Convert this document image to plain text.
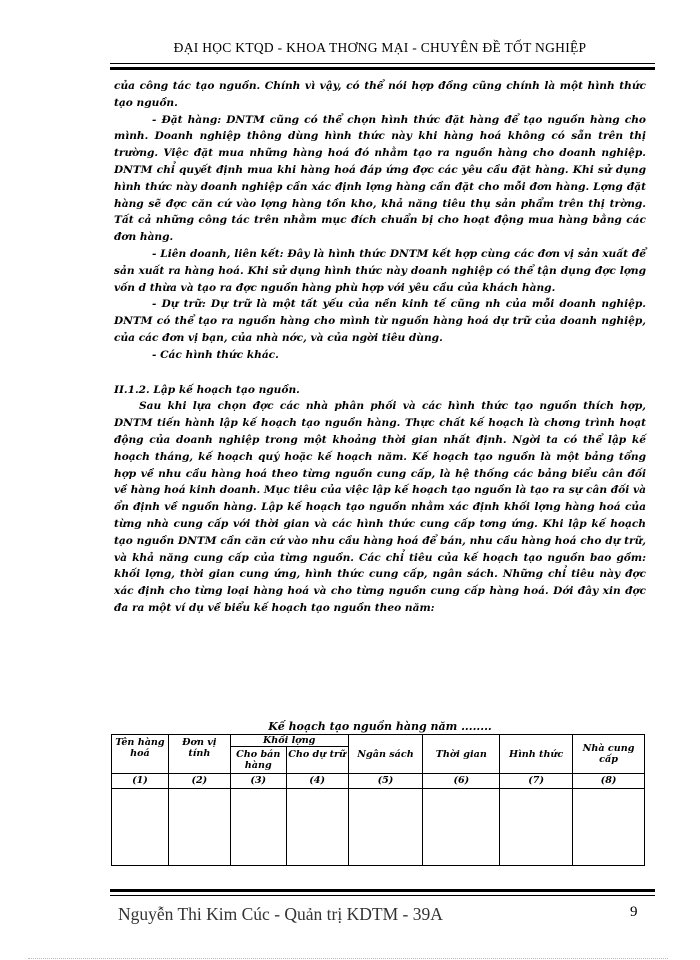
ĐẠI HỌC KTQD - KHOA THƠNG MẠI - CHUYÊN ĐỀ TỐT NGHIỆP

của công tác tạo nguồn. Chính vì vậy, có thể nói hợp đồng cũng chính là một hình thức tạo nguồn.

- Đặt hàng: DNTM cũng có thể chọn hình thức đặt hàng để tạo nguồn hàng cho mình. Doanh nghiệp thông dùng hình thức này khi hàng hoá không có sẵn trên thị trường. Việc đặt mua những hàng hoá đó nhằm tạo ra nguồn hàng cho doanh nghiệp. DNTM chỉ quyết định mua khi hàng hoá đáp ứng đợc các yêu cầu đặt hàng. Khi sử dụng hình thức này doanh nghiệp cần xác định lợng hàng cần đặt cho mỗi đơn hàng. Lợng đặt hàng sẽ đợc căn cứ vào lợng hàng tồn kho, khả năng tiêu thụ sản phẩm trên thị trờng. Tất cả những công tác trên nhằm mục đích chuẩn bị cho hoạt động mua hàng bằng các đơn hàng.

- Liên doanh, liên kết: Đây là hình thức DNTM kết hợp cùng các đơn vị sản xuất để sản xuất ra hàng hoá. Khi sử dụng hình thức này doanh nghiệp có thể tận dụng đợc lợng vốn d thừa và tạo ra đợc nguồn hàng phù hợp với yêu cầu của khách hàng.

- Dự trữ: Dự trữ là một tất yếu của nền kinh tế cũng nh của mỗi doanh nghiệp. DNTM có thể tạo ra nguồn hàng cho mình từ nguồn hàng hoá dự trữ của doanh nghiệp, của các đơn vị bạn, của nhà nớc, và của ngời tiêu dùng.

- Các hình thức khác.

II.1.2. Lập kế hoạch tạo nguồn.

Sau khi lựa chọn đợc các nhà phân phối và các hình thức tạo nguồn thích hợp, DNTM tiến hành lập kế hoạch tạo nguồn hàng. Thực chất kế hoạch là chơng trình hoạt động của doanh nghiệp trong một khoảng thời gian nhất định. Ngời ta có thể lập kế hoạch tháng, kế hoạch quý hoặc kế hoạch năm. Kế hoạch tạo nguồn là một bảng tổng hợp về nhu cầu hàng hoá theo từng nguồn cung cấp, là hệ thống các bảng biểu cân đối về hàng hoá kinh doanh. Mục tiêu của việc lập kế hoạch tạo nguồn là tạo ra sự cân đối và ổn định về nguồn hàng. Lập kế hoạch tạo nguồn nhằm xác định khối lợng hàng hoá của từng nhà cung cấp với thời gian và các hình thức cung cấp tơng ứng. Khi lập kế hoạch tạo nguồn DNTM cần căn cứ vào nhu cầu hàng hoá để bán, nhu cầu hàng hoá cho dự trữ, và khả năng cung cấp của từng nguồn. Các chỉ tiêu của kế hoạch tạo nguồn bao gồm: khối lợng, thời gian cung ứng, hình thức cung cấp, ngân sách. Những chỉ tiêu này đợc xác định cho từng loại hàng hoá và cho từng nguồn cung cấp hàng hoá. Dới đây xin đợc đa ra một ví dụ về biểu kế hoạch tạo nguồn theo năm:

Kế hoạch tạo nguồn hàng năm ........
Tên hàng hoá	Đơn vị tính	Khối lợng		Ngân sách	Thời gian	Hình thức	Nhà cung cấp
		Cho bán hàng	Cho dự trữ				
(1)	(2)	(3)	(4)	(5)	(6)	(7)	(8)

Nguyễn Thi Kim Cúc - Quản trị KDTM - 39A	9
